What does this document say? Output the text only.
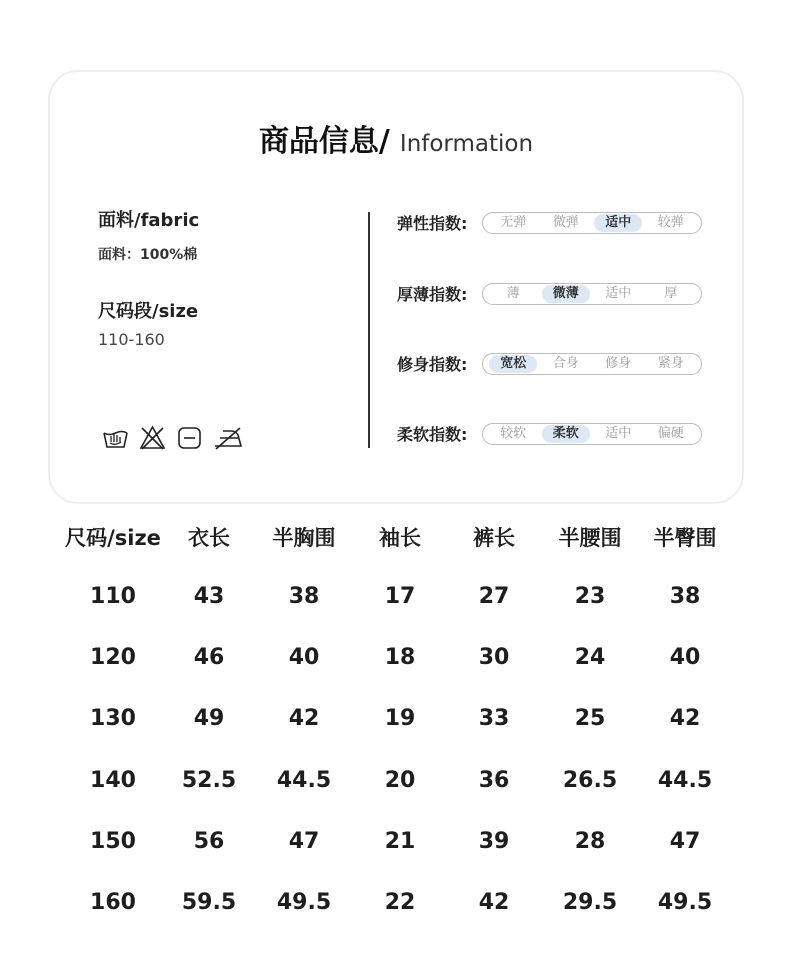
商品信息/ Information
面料/fabric
面料：100%棉
尺码段/size
110-160
弹性指数:	无弹	微弹	适中	较弹
厚薄指数:	薄	微薄	适中	厚
修身指数:	宽松	合身	修身	紧身
柔软指数:	较软	柔软	适中	偏硬
尺码/size	衣长	半胸围	袖长	裤长	半腰围	半臀围
110	43	38	17	27	23	38
120	46	40	18	30	24	40
130	49	42	19	33	25	42
140	52.5	44.5	20	36	26.5	44.5
150	56	47	21	39	28	47
160	59.5	49.5	22	42	29.5	49.5
